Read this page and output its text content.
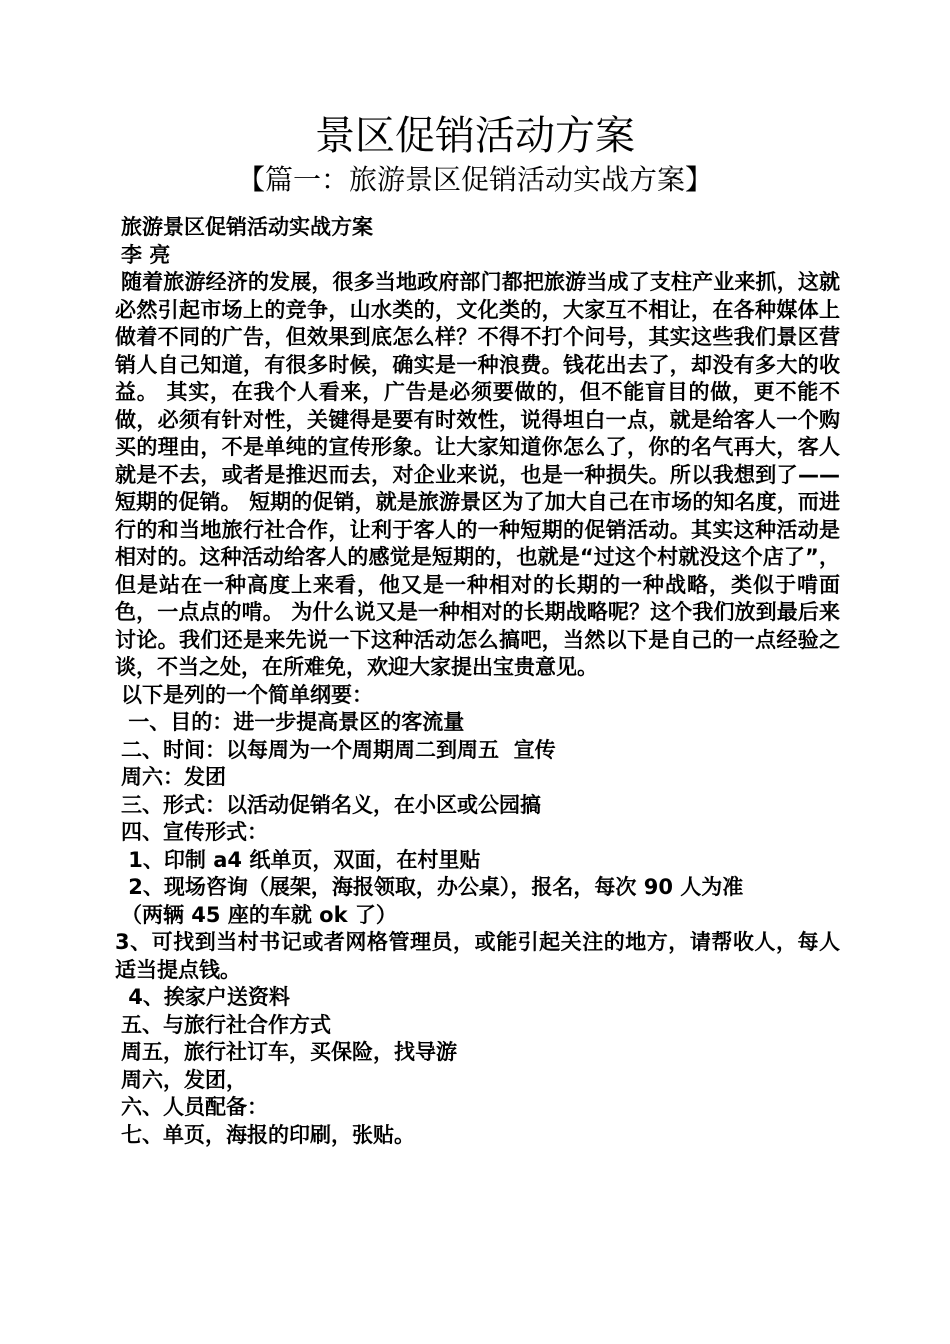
景区促销活动方案
【篇一：旅游景区促销活动实战方案】
旅游景区促销活动实战方案
李 亮
随着旅游经济的发展，很多当地政府部门都把旅游当成了支柱产业来抓，这就必然引起市场上的竞争，山水类的，文化类的，大家互不相让，在各种媒体上做着不同的广告，但效果到底怎么样？不得不打个问号，其实这些我们景区营销人自己知道，有很多时候，确实是一种浪费。钱花出去了，却没有多大的收益。 其实，在我个人看来，广告是必须要做的，但不能盲目的做，更不能不做，必须有针对性，关键得是要有时效性，说得坦白一点，就是给客人一个购买的理由，不是单纯的宣传形象。让大家知道你怎么了，你的名气再大，客人就是不去，或者是推迟而去，对企业来说，也是一种损失。所以我想到了——短期的促销。 短期的促销，就是旅游景区为了加大自己在市场的知名度，而进行的和当地旅行社合作，让利于客人的一种短期的促销活动。其实这种活动是相对的。这种活动给客人的感觉是短期的，也就是“过这个村就没这个店了”，但是站在一种高度上来看，他又是一种相对的长期的一种战略，类似于啃面色，一点点的啃。 为什么说又是一种相对的长期战略呢？这个我们放到最后来讨论。我们还是来先说一下这种活动怎么搞吧，当然以下是自己的一点经验之谈，不当之处，在所难免，欢迎大家提出宝贵意见。
以下是列的一个简单纲要：
一、目的：进一步提高景区的客流量
二、时间：以每周为一个周期周二到周五  宣传
周六：发团
三、形式：以活动促销名义，在小区或公园搞
四、宣传形式：
1、印制 a4 纸单页，双面，在村里贴
2、现场咨询（展架，海报领取，办公桌），报名，每次 90 人为准
（两辆 45 座的车就 ok 了）
3、可找到当村书记或者网格管理员，或能引起关注的地方，请帮收人，每人适当提点钱。
4、挨家户送资料
五、与旅行社合作方式
周五，旅行社订车，买保险，找导游
周六，发团，
六、人员配备：
七、单页，海报的印刷，张贴。
